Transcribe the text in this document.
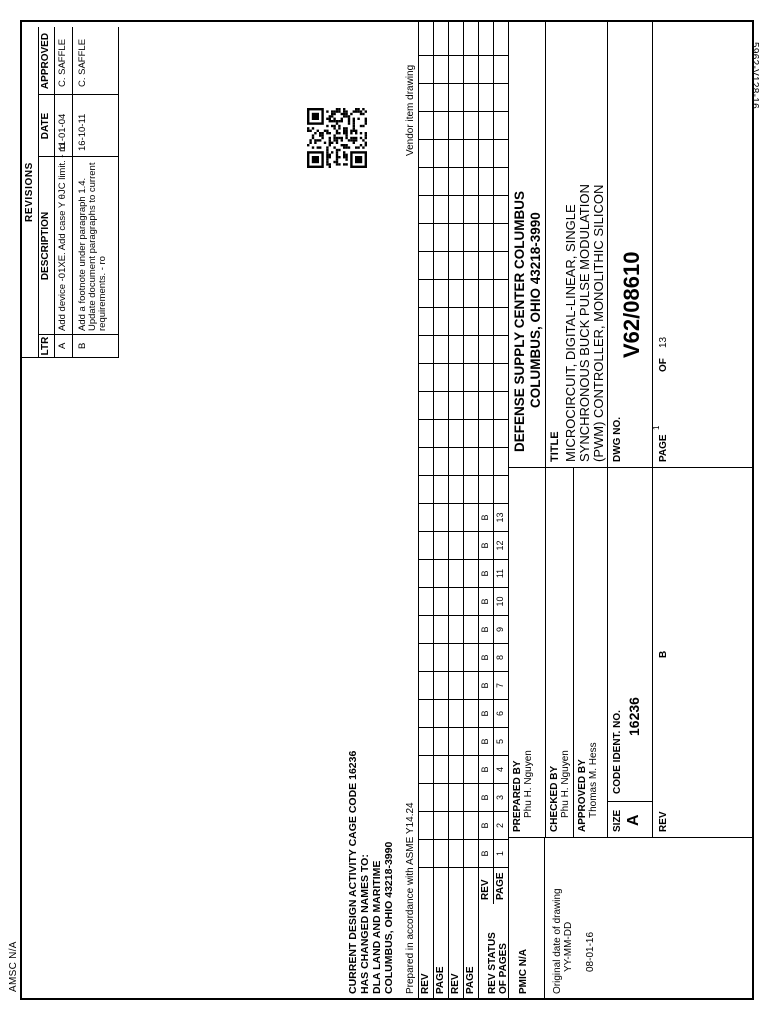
AMSC N/A
5962-V128-16
REVISIONS
LTR
DESCRIPTION
DATE
APPROVED
A
Add device -01XE. Add case Y θJC limit. - ro
11-01-04
C. SAFFLE
B
Add a footnote under paragraph 1.4. Update document paragraphs to current requirements. - ro
16-10-11
C. SAFFLE
CURRENT DESIGN ACTIVITY CAGE CODE 16236 HAS CHANGED NAMES TO: DLA LAND AND MARITIME COLUMBUS, OHIO 43218-3990 Prepared in accordance with ASME Y14.24
Vendor item drawing
REV PAGE REV PAGE REV STATUS OF PAGES
REV PAGE
B 1
B 2
B 3
B 4
B 5
B 6
B 7
B 8
B 9
B 10
B 11
B 12
B 13
PMIC N/A
PREPARED BY Phu H. Nguyen
DEFENSE SUPPLY CENTER COLUMBUS COLUMBUS, OHIO 43218-3990
Original date of drawing YY-MM-DD 08-01-16
CHECKED BY Phu H. Nguyen APPROVED BY Thomas M. Hess
TITLE MICROCIRCUIT, DIGITAL-LINEAR, SINGLE SYNCHRONOUS BUCK PULSE MODULATION (PWM) CONTROLLER, MONOLITHIC SILICON
SIZE A
CODE IDENT. NO. 16236
DWG NO.
V62/08610
REV
B
PAGE
1
OF
13
